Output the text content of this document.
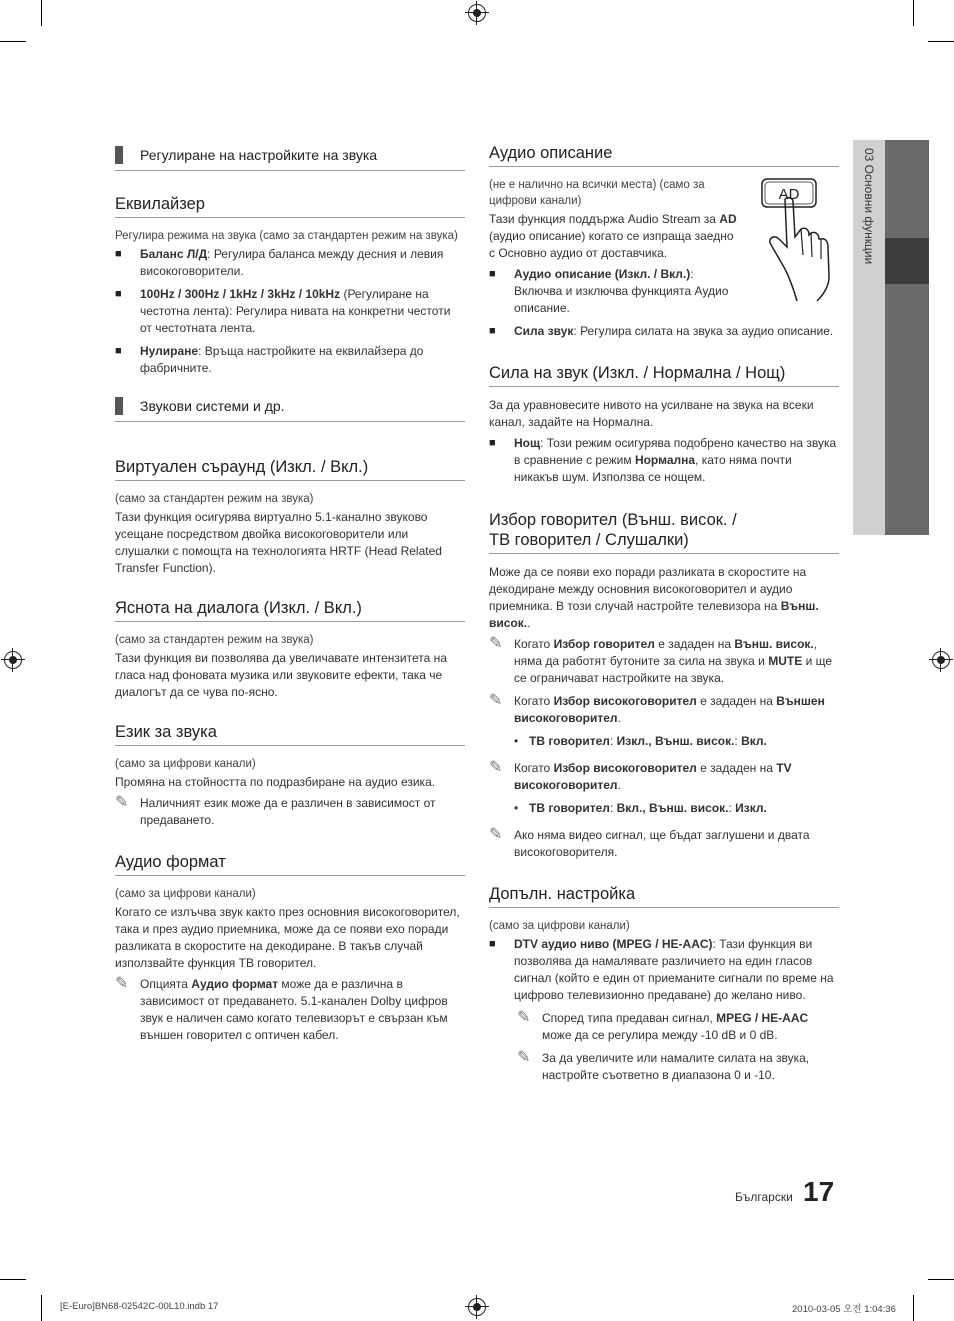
03 Основни функции
Регулиране на настройките на звука
Еквилайзер

Регулира режима на звука (само за стандартен режим на звука)

■	Баланс Л/Д: Регулира баланса между десния и левия високоговорители.
■	100Hz / 300Hz / 1kHz / 3kHz / 10kHz (Регулиране на честотна лента): Регулира нивата на конкретни честоти от честотната лента.
■	Нулиране: Връща настройките на еквилайзера до фабричните.
Звукови системи и др.
Виртуален съраунд (Изкл. / Вкл.)

(само за стандартен режим на звука)

Тази функция осигурява виртуално 5.1-канално звуково усещане посредством двойка високоговорители или слушалки с помощта на технологията HRTF (Head Related Transfer Function).

Яснота на диалога (Изкл. / Вкл.)

(само за стандартен режим на звука)

Тази функция ви позволява да увеличавате интензитета на гласа над фоновата музика или звуковите ефекти, така че диалогът да се чува по-ясно.

Език за звука

(само за цифрови канали)

Промяна на стойността по подразбиране на аудио езика.

✎ Наличният език може да е различен в зависимост от предаването.
Аудио формат

(само за цифрови канали)

Когато се излъчва звук както през основния високоговорител, така и през аудио приемника, може да се появи ехо поради разликата в скоростите на декодиране. В такъв случай използвайте функция ТВ говорител.

✎ Опцията Аудио формат може да е различна в зависимост от предаването. 5.1-канален Dolby цифров звук е наличен само когато телевизорът е свързан към външен говорител с оптичен кабел.
Аудио описание
AD

(не е налично на всички места) (само за цифрови канали)

Тази функция поддържа Audio Stream за AD (аудио описание) когато се изпраща заедно с Основно аудио от доставчика.

■	Аудио описание (Изкл. / Вкл.): Включва и изключва функцията Аудио описание.
■	Сила звук: Регулира силата на звука за аудио описание.
Сила на звук (Изкл. / Нормална / Нощ)

За да уравновесите нивото на усилване на звука на всеки канал, задайте на Нормална.

■	Нощ: Този режим осигурява подобрено качество на звука в сравнение с режим Нормална, като няма почти никакъв шум. Използва се нощем.
Избор говорител (Външ. висок. /
ТВ говорител / Слушалки)

Може да се появи ехо поради разликата в скоростите на декодиране между основния високоговорител и аудио приемника. В този случай настройте телевизора на Външ. висок..

✎ Когато Избор говорител е зададен на Външ. висок., няма да работят бутоните за сила на звука и MUTE и ще се ограничават настройките на звука.
✎ Когато Избор високоговорител е зададен на Външен високоговорител.
• ТВ говорител: Изкл., Външ. висок.: Вкл.
✎ Когато Избор високоговорител е зададен на TV високоговорител.
• ТВ говорител: Вкл., Външ. висок.: Изкл.
✎ Ако няма видео сигнал, ще бъдат заглушени и двата високоговорителя.
Допълн. настройка

(само за цифрови канали)

■	DTV аудио ниво (MPEG / HE-AAC): Тази функция ви позволява да намалявате различието на един гласов сигнал (който е един от приеманите сигнали по време на цифрово телевизионно предаване) до желано ниво.
✎ Според типа предаван сигнал, MPEG / HE-AAC може да се регулира между -10 dB и 0 dB.
✎ За да увеличите или намалите силата на звука, настройте съответно в диапазона 0 и -10.
Български 17
[E-Euro]BN68-02542C-00L10.indb 17	2010-03-05 오전 1:04:36
